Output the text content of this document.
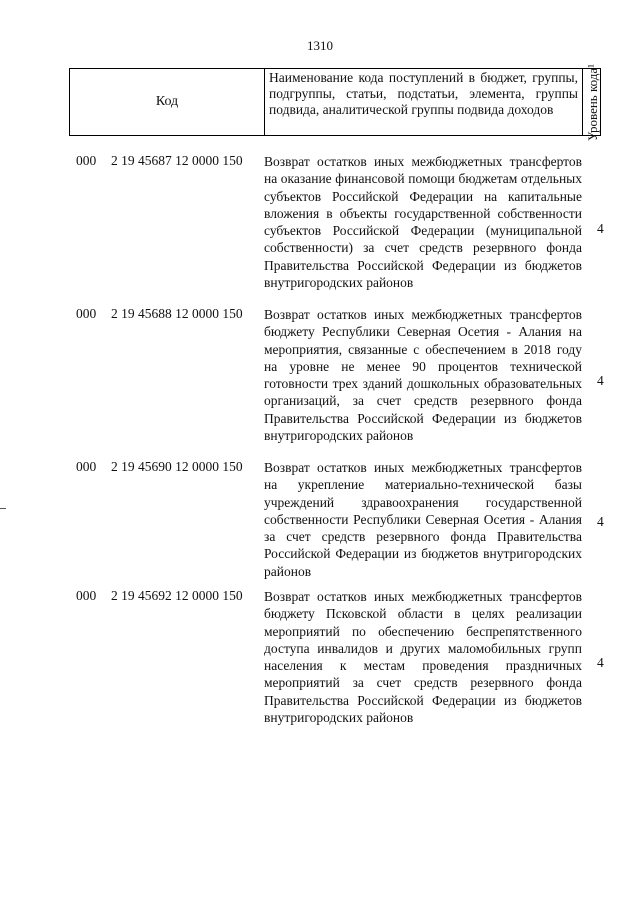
1310
Код
Наименование кода поступлений в бюджет, группы, подгруппы, статьи, подстатьи, элемента, группы подвида, аналитической группы подвида доходов	Уровень кода¹
000 2 19 45687 12 0000 150 Возврат остатков иных межбюджетных трансфертов на оказание финансовой помощи бюджетам отдельных субъектов Российской Федерации на капитальные вложения в объекты государственной собственности субъектов Российской Федерации (муниципальной собственности) за счет средств резервного фонда Правительства Российской Федерации из бюджетов внутригородских районов
4
000 2 19 45688 12 0000 150 Возврат остатков иных межбюджетных трансфертов бюджету Республики Северная Осетия - Алания на мероприятия, связанные с обеспечением в 2018 году на уровне не менее 90 процентов технической готовности трех зданий дошкольных образовательных организаций, за счет средств резервного фонда Правительства Российской Федерации из бюджетов внутригородских районов
4
000 2 19 45690 12 0000 150 Возврат остатков иных межбюджетных трансфертов на укрепление материально-технической базы учреждений здравоохранения государственной собственности Республики Северная Осетия - Алания за счет средств резервного фонда Правительства Российской Федерации из бюджетов внутригородских районов
4
000 2 19 45692 12 0000 150 Возврат остатков иных межбюджетных трансфертов бюджету Псковской области в целях реализации мероприятий по обеспечению беспрепятственного доступа инвалидов и других маломобильных групп населения к местам проведения праздничных мероприятий за счет средств резервного фонда Правительства Российской Федерации из бюджетов внутригородских районов
4
